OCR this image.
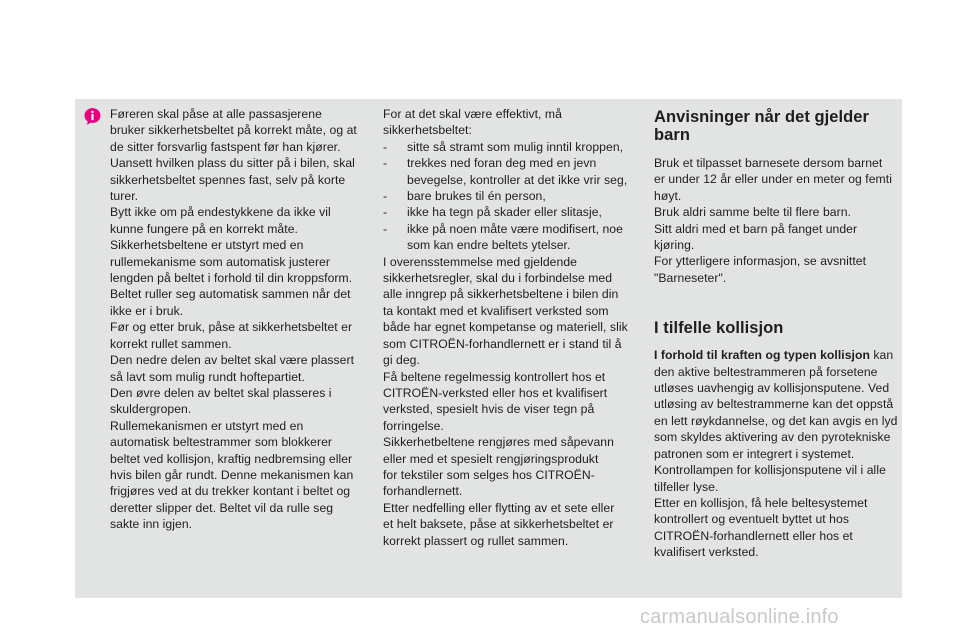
Føreren skal påse at alle passasjerene

bruker sikkerhetsbeltet på korrekt måte, og at

de sitter forsvarlig fastspent før han kjører.

Uansett hvilken plass du sitter på i bilen, skal

sikkerhetsbeltet spennes fast, selv på korte

turer.

Bytt ikke om på endestykkene da ikke vil

kunne fungere på en korrekt måte.

Sikkerhetsbeltene er utstyrt med en

rullemekanisme som automatisk justerer

lengden på beltet i forhold til din kroppsform.

Beltet ruller seg automatisk sammen når det

ikke er i bruk.

Før og etter bruk, påse at sikkerhetsbeltet er

korrekt rullet sammen.

Den nedre delen av beltet skal være plassert

så lavt som mulig rundt hoftepartiet.

Den øvre delen av beltet skal plasseres i

skuldergropen.

Rullemekanismen er utstyrt med en

automatisk beltestrammer som blokkerer

beltet ved kollisjon, kraftig nedbremsing eller

hvis bilen går rundt. Denne mekanismen kan

frigjøres ved at du trekker kontant i beltet og

deretter slipper det. Beltet vil da rulle seg

sakte inn igjen.

For at det skal være effektivt, må

sikkerhetsbeltet:

- sitte så stramt som mulig inntil kroppen,

- trekkes ned foran deg med en jevn

bevegelse, kontroller at det ikke vrir seg,

- bare brukes til én person,

- ikke ha tegn på skader eller slitasje,

- ikke på noen måte være modifisert, noe

som kan endre beltets ytelser.

I overensstemmelse med gjeldende

sikkerhetsregler, skal du i forbindelse med

alle inngrep på sikkerhetsbeltene i bilen din

ta kontakt med et kvalifisert verksted som

både har egnet kompetanse og materiell, slik

som CITROËN-forhandlernett er i stand til å

gi deg.

Få beltene regelmessig kontrollert hos et

CITROËN-verksted eller hos et kvalifisert

verksted, spesielt hvis de viser tegn på

forringelse.

Sikkerhetbeltene rengjøres med såpevann

eller med et spesielt rengjøringsprodukt

for tekstiler som selges hos CITROËN-

forhandlernett.

Etter nedfelling eller flytting av et sete eller

et helt baksete, påse at sikkerhetsbeltet er

korrekt plassert og rullet sammen.

Anvisninger når det gjelder
barn

Bruk et tilpasset barnesete dersom barnet

er under 12 år eller under en meter og femti

høyt.

Bruk aldri samme belte til flere barn.

Sitt aldri med et barn på fanget under

kjøring.

For ytterligere informasjon, se avsnittet

"Barneseter".

I tilfelle kollisjon

I forhold til kraften og typen kollisjon kan

den aktive beltestrammeren på forsetene

utløses uavhengig av kollisjonsputene. Ved

utløsing av beltestrammerne kan det oppstå

en lett røykdannelse, og det kan avgis en lyd

som skyldes aktivering av den pyrotekniske

patronen som er integrert i systemet.

Kontrollampen for kollisjonsputene vil i alle

tilfeller lyse.

Etter en kollisjon, få hele beltesystemet

kontrollert og eventuelt byttet ut hos

CITROËN-forhandlernett eller hos et

kvalifisert verksted.

carmanualsonline.info
